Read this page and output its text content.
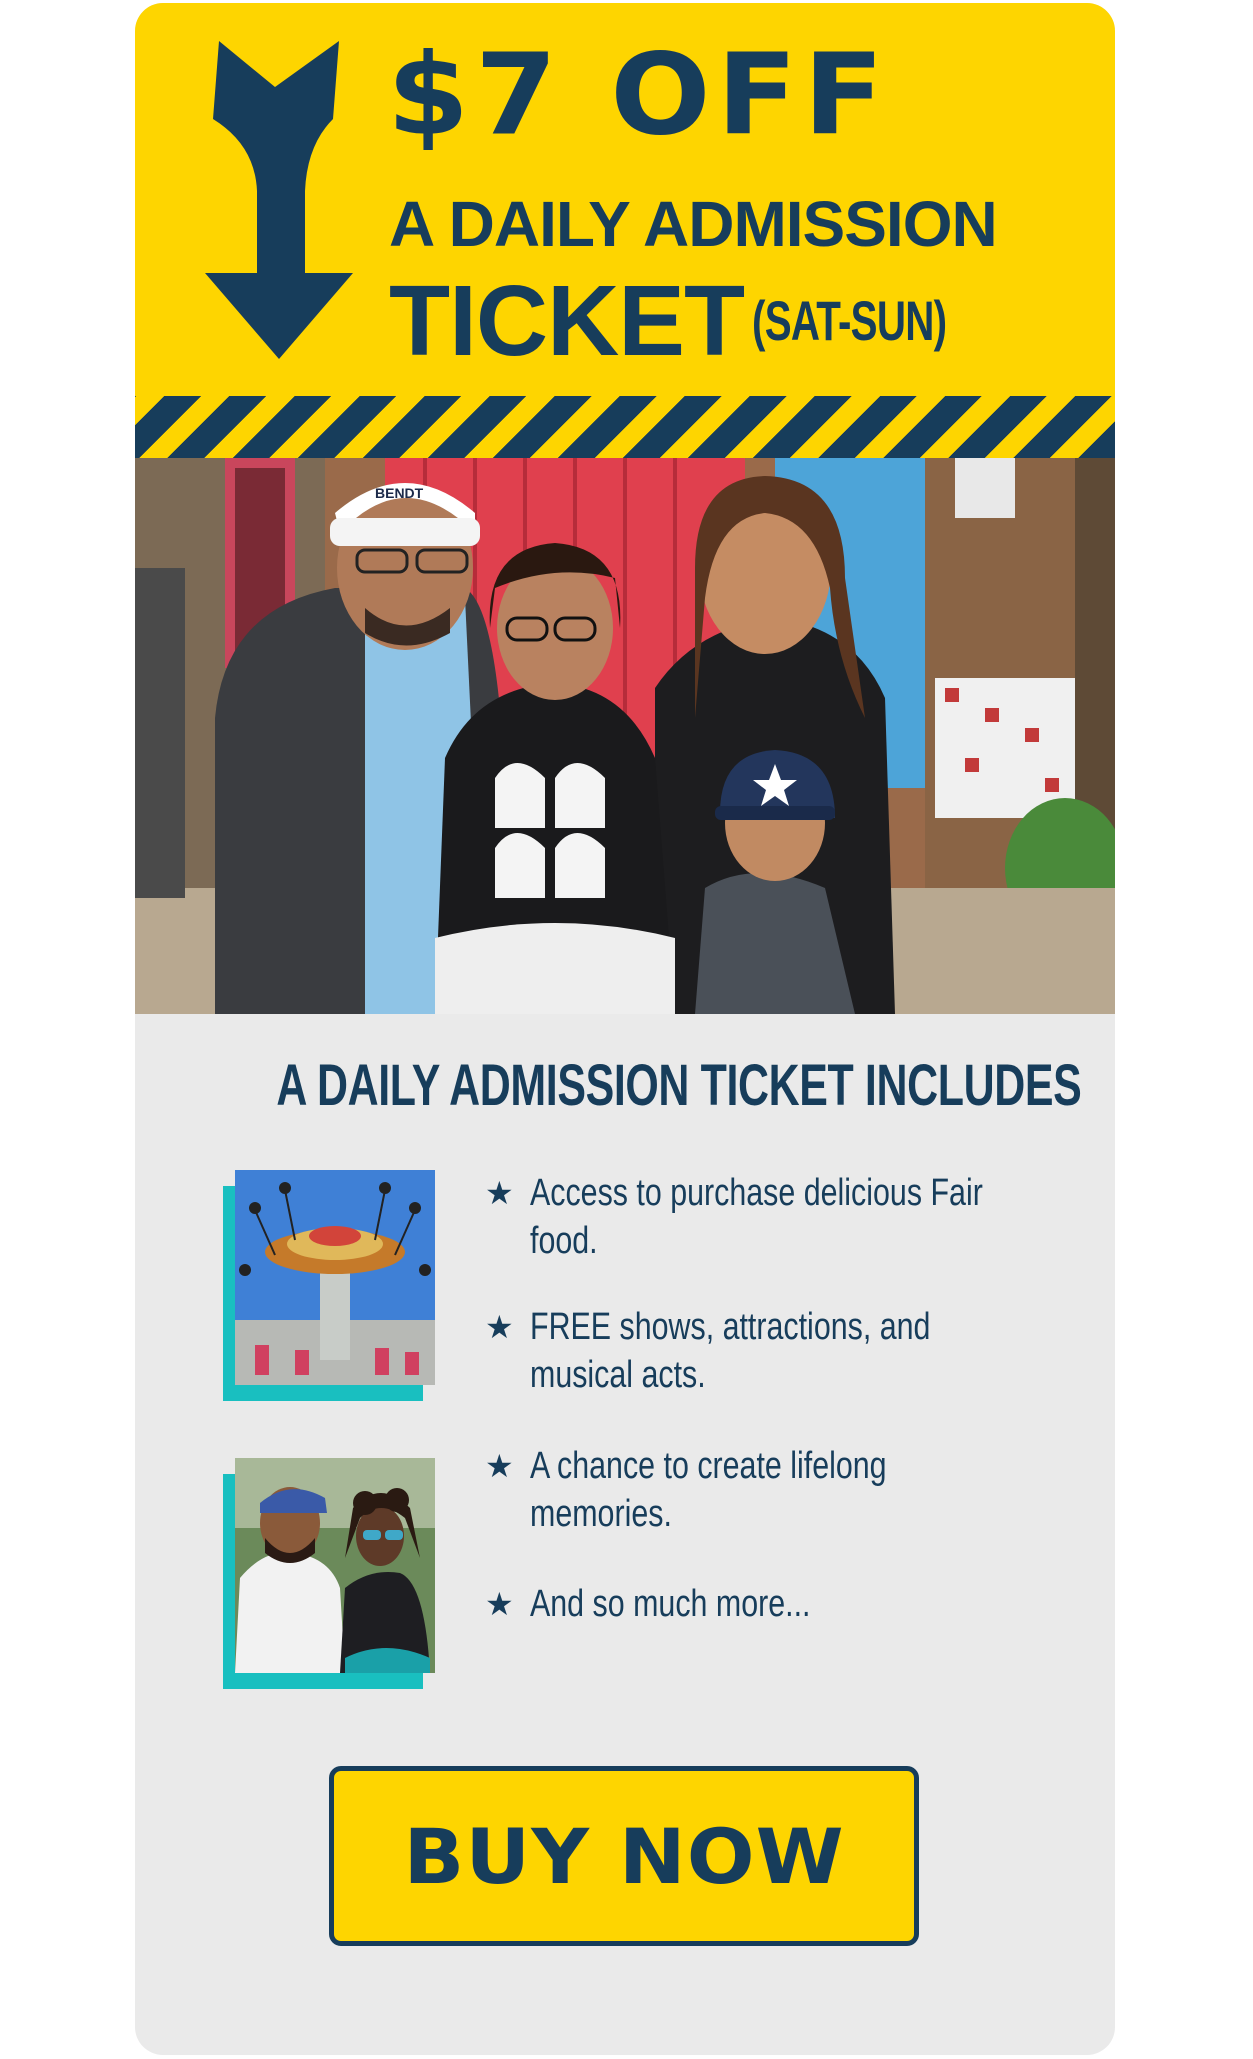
$7 OFF
A DAILY ADMISSION
TICKET (SAT-SUN)
BENDT
A DAILY ADMISSION TICKET INCLUDES
★ Access to purchase delicious Fair food.
★ FREE shows, attractions, and musical acts.
★ A chance to create lifelong memories.
★ And so much more...
BUY NOW
